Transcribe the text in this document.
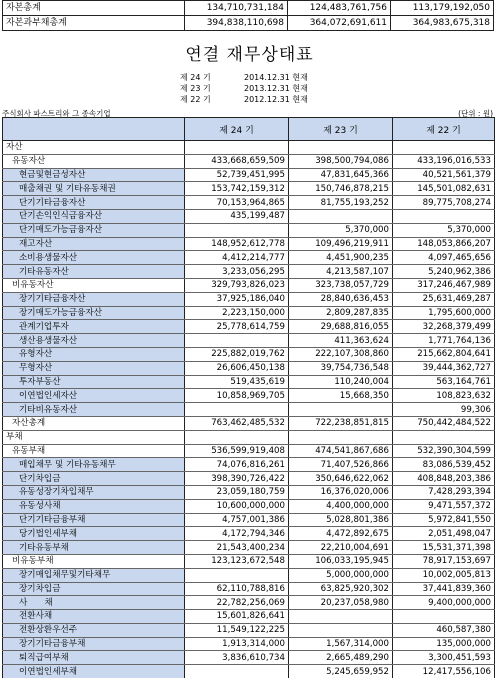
자본총계	134,710,731,184	124,483,761,756	113,179,192,050
자본과부채총계	394,838,110,698	364,072,691,611	364,983,675,318
연결 재무상태표
제 24 기	2014.12.31 현재
제 23 기	2013.12.31 현재
제 22 기	2012.12.31 현재
주식회사 파스트리와 그 종속기업	(단위 : 원)
	제 24 기	제 23 기	제 22 기
자산			
유동자산	433,668,659,509	398,500,794,086	433,196,016,533
현금및현금성자산	52,739,451,995	47,831,645,366	40,521,561,379
매출채권 및 기타유동채권	153,742,159,312	150,746,878,215	145,501,082,631
단기기타금융자산	70,153,964,865	81,755,193,252	89,775,708,274
단기손익인식금융자산	435,199,487		
단기매도가능금융자산		5,370,000	5,370,000
재고자산	148,952,612,778	109,496,219,911	148,053,866,207
소비용생물자산	4,412,214,777	4,451,900,235	4,097,465,656
기타유동자산	3,233,056,295	4,213,587,107	5,240,962,386
비유동자산	329,793,826,023	323,738,057,729	317,246,467,989
장기기타금융자산	37,925,186,040	28,840,636,453	25,631,469,287
장기매도가능금융자산	2,223,150,000	2,809,287,835	1,795,600,000
관계기업투자	25,778,614,759	29,688,816,055	32,268,379,499
생산용생물자산		411,363,624	1,771,764,136
유형자산	225,882,019,762	222,107,308,860	215,662,804,641
무형자산	26,606,450,138	39,754,736,548	39,444,362,727
투자부동산	519,435,619	110,240,004	563,164,761
이연법인세자산	10,858,969,705	15,668,350	108,823,632
기타비유동자산			99,306
자산총계	763,462,485,532	722,238,851,815	750,442,484,522
부채			
유동부채	536,599,919,408	474,541,867,686	532,390,304,599
매입채무 및 기타유동채무	74,076,816,261	71,407,526,866	83,086,539,452
단기차입금	398,390,726,422	350,646,622,062	408,848,203,386
유동성장기차입채무	23,059,180,759	16,376,020,006	7,428,293,394
유동성사채	10,600,000,000	4,400,000,000	9,471,557,372
단기기타금융부채	4,757,001,386	5,028,801,386	5,972,841,550
당기법인세부채	4,172,794,346	4,472,892,675	2,051,498,047
기타유동부채	21,543,400,234	22,210,004,691	15,531,371,398
비유동부채	123,123,672,548	106,033,195,945	78,917,153,697
장기매입채무및기타채무		5,000,000,000	10,002,005,813
장기차입금	62,110,788,816	63,825,920,302	37,441,839,360
사　　채	22,782,256,069	20,237,058,980	9,400,000,000
전환사채	15,601,826,641		
전환상환우선주	11,549,122,225		460,587,380
장기기타금융부채	1,913,314,000	1,567,314,000	135,000,000
퇴직급여부채	3,836,610,734	2,665,489,290	3,300,451,593
이연법인세부채		5,245,659,952	12,417,556,106
